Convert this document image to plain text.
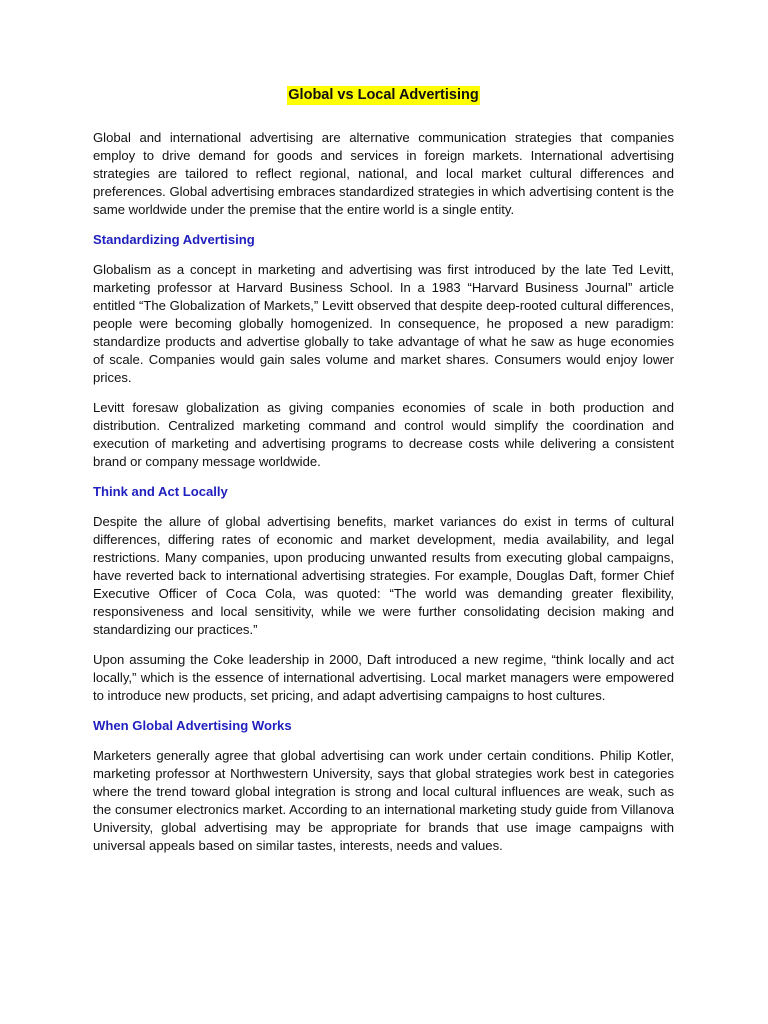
Global vs Local Advertising

Global and international advertising are alternative communication strategies that companies employ to drive demand for goods and services in foreign markets. International advertising strategies are tailored to reflect regional, national, and local market cultural differences and preferences. Global advertising embraces standardized strategies in which advertising content is the same worldwide under the premise that the entire world is a single entity.

Standardizing Advertising

Globalism as a concept in marketing and advertising was first introduced by the late Ted Levitt, marketing professor at Harvard Business School. In a 1983 “Harvard Business Journal” article entitled “The Globalization of Markets,” Levitt observed that despite deep-rooted cultural differences, people were becoming globally homogenized. In consequence, he proposed a new paradigm: standardize products and advertise globally to take advantage of what he saw as huge economies of scale. Companies would gain sales volume and market shares. Consumers would enjoy lower prices.

Levitt foresaw globalization as giving companies economies of scale in both production and distribution. Centralized marketing command and control would simplify the coordination and execution of marketing and advertising programs to decrease costs while delivering a consistent brand or company message worldwide.

Think and Act Locally

Despite the allure of global advertising benefits, market variances do exist in terms of cultural differences, differing rates of economic and market development, media availability, and legal restrictions. Many companies, upon producing unwanted results from executing global campaigns, have reverted back to international advertising strategies. For example, Douglas Daft, former Chief Executive Officer of Coca Cola, was quoted: “The world was demanding greater flexibility, responsiveness and local sensitivity, while we were further consolidating decision making and standardizing our practices.”

Upon assuming the Coke leadership in 2000, Daft introduced a new regime, “think locally and act locally,” which is the essence of international advertising. Local market managers were empowered to introduce new products, set pricing, and adapt advertising campaigns to host cultures.

When Global Advertising Works

Marketers generally agree that global advertising can work under certain conditions. Philip Kotler, marketing professor at Northwestern University, says that global strategies work best in categories where the trend toward global integration is strong and local cultural influences are weak, such as the consumer electronics market. According to an international marketing study guide from Villanova University, global advertising may be appropriate for brands that use image campaigns with universal appeals based on similar tastes, interests, needs and values.
